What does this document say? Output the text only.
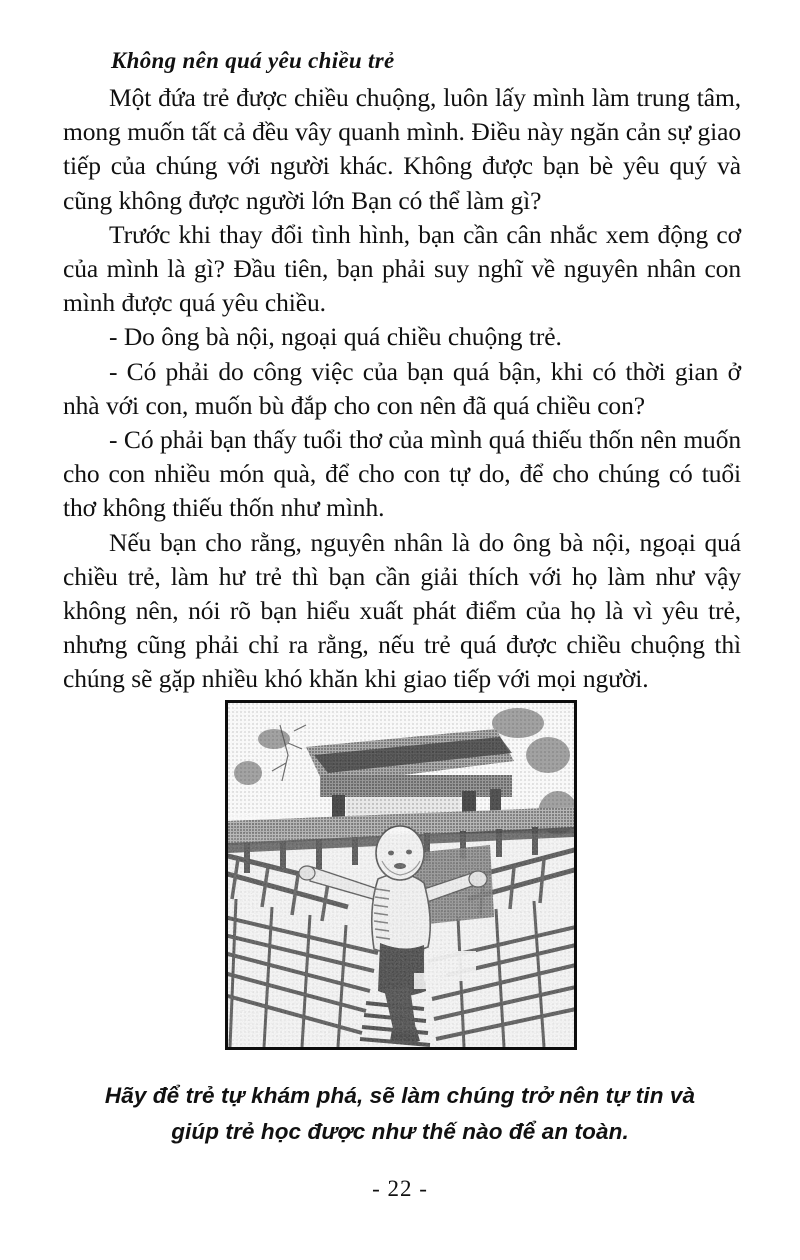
Không nên quá yêu chiều trẻ

Một đứa trẻ được chiều chuộng, luôn lấy mình làm trung tâm, mong muốn tất cả đều vây quanh mình. Điều này ngăn cản sự giao tiếp của chúng với người khác. Không được bạn bè yêu quý và cũng không được người lớn Bạn có thể làm gì?

Trước khi thay đổi tình hình, bạn cần cân nhắc xem động cơ của mình là gì? Đầu tiên, bạn phải suy nghĩ về nguyên nhân con mình được quá yêu chiều.

- Do ông bà nội, ngoại quá chiều chuộng trẻ.

- Có phải do công việc của bạn quá bận, khi có thời gian ở nhà với con, muốn bù đắp cho con nên đã quá chiều con?

- Có phải bạn thấy tuổi thơ của mình quá thiếu thốn nên muốn cho con nhiều món quà, để cho con tự do, để cho chúng có tuổi thơ không thiếu thốn như mình.

Nếu bạn cho rằng, nguyên nhân là do ông bà nội, ngoại quá chiều trẻ, làm hư trẻ thì bạn cần giải thích với họ làm như vậy không nên, nói rõ bạn hiểu xuất phát điểm của họ là vì yêu trẻ, nhưng cũng phải chỉ ra rằng, nếu trẻ quá được chiều chuộng thì chúng sẽ gặp nhiều khó khăn khi giao tiếp với mọi người.

Hãy để trẻ tự khám phá, sẽ làm chúng trở nên tự tin và
giúp trẻ học được như thế nào để an toàn.
- 22 -
